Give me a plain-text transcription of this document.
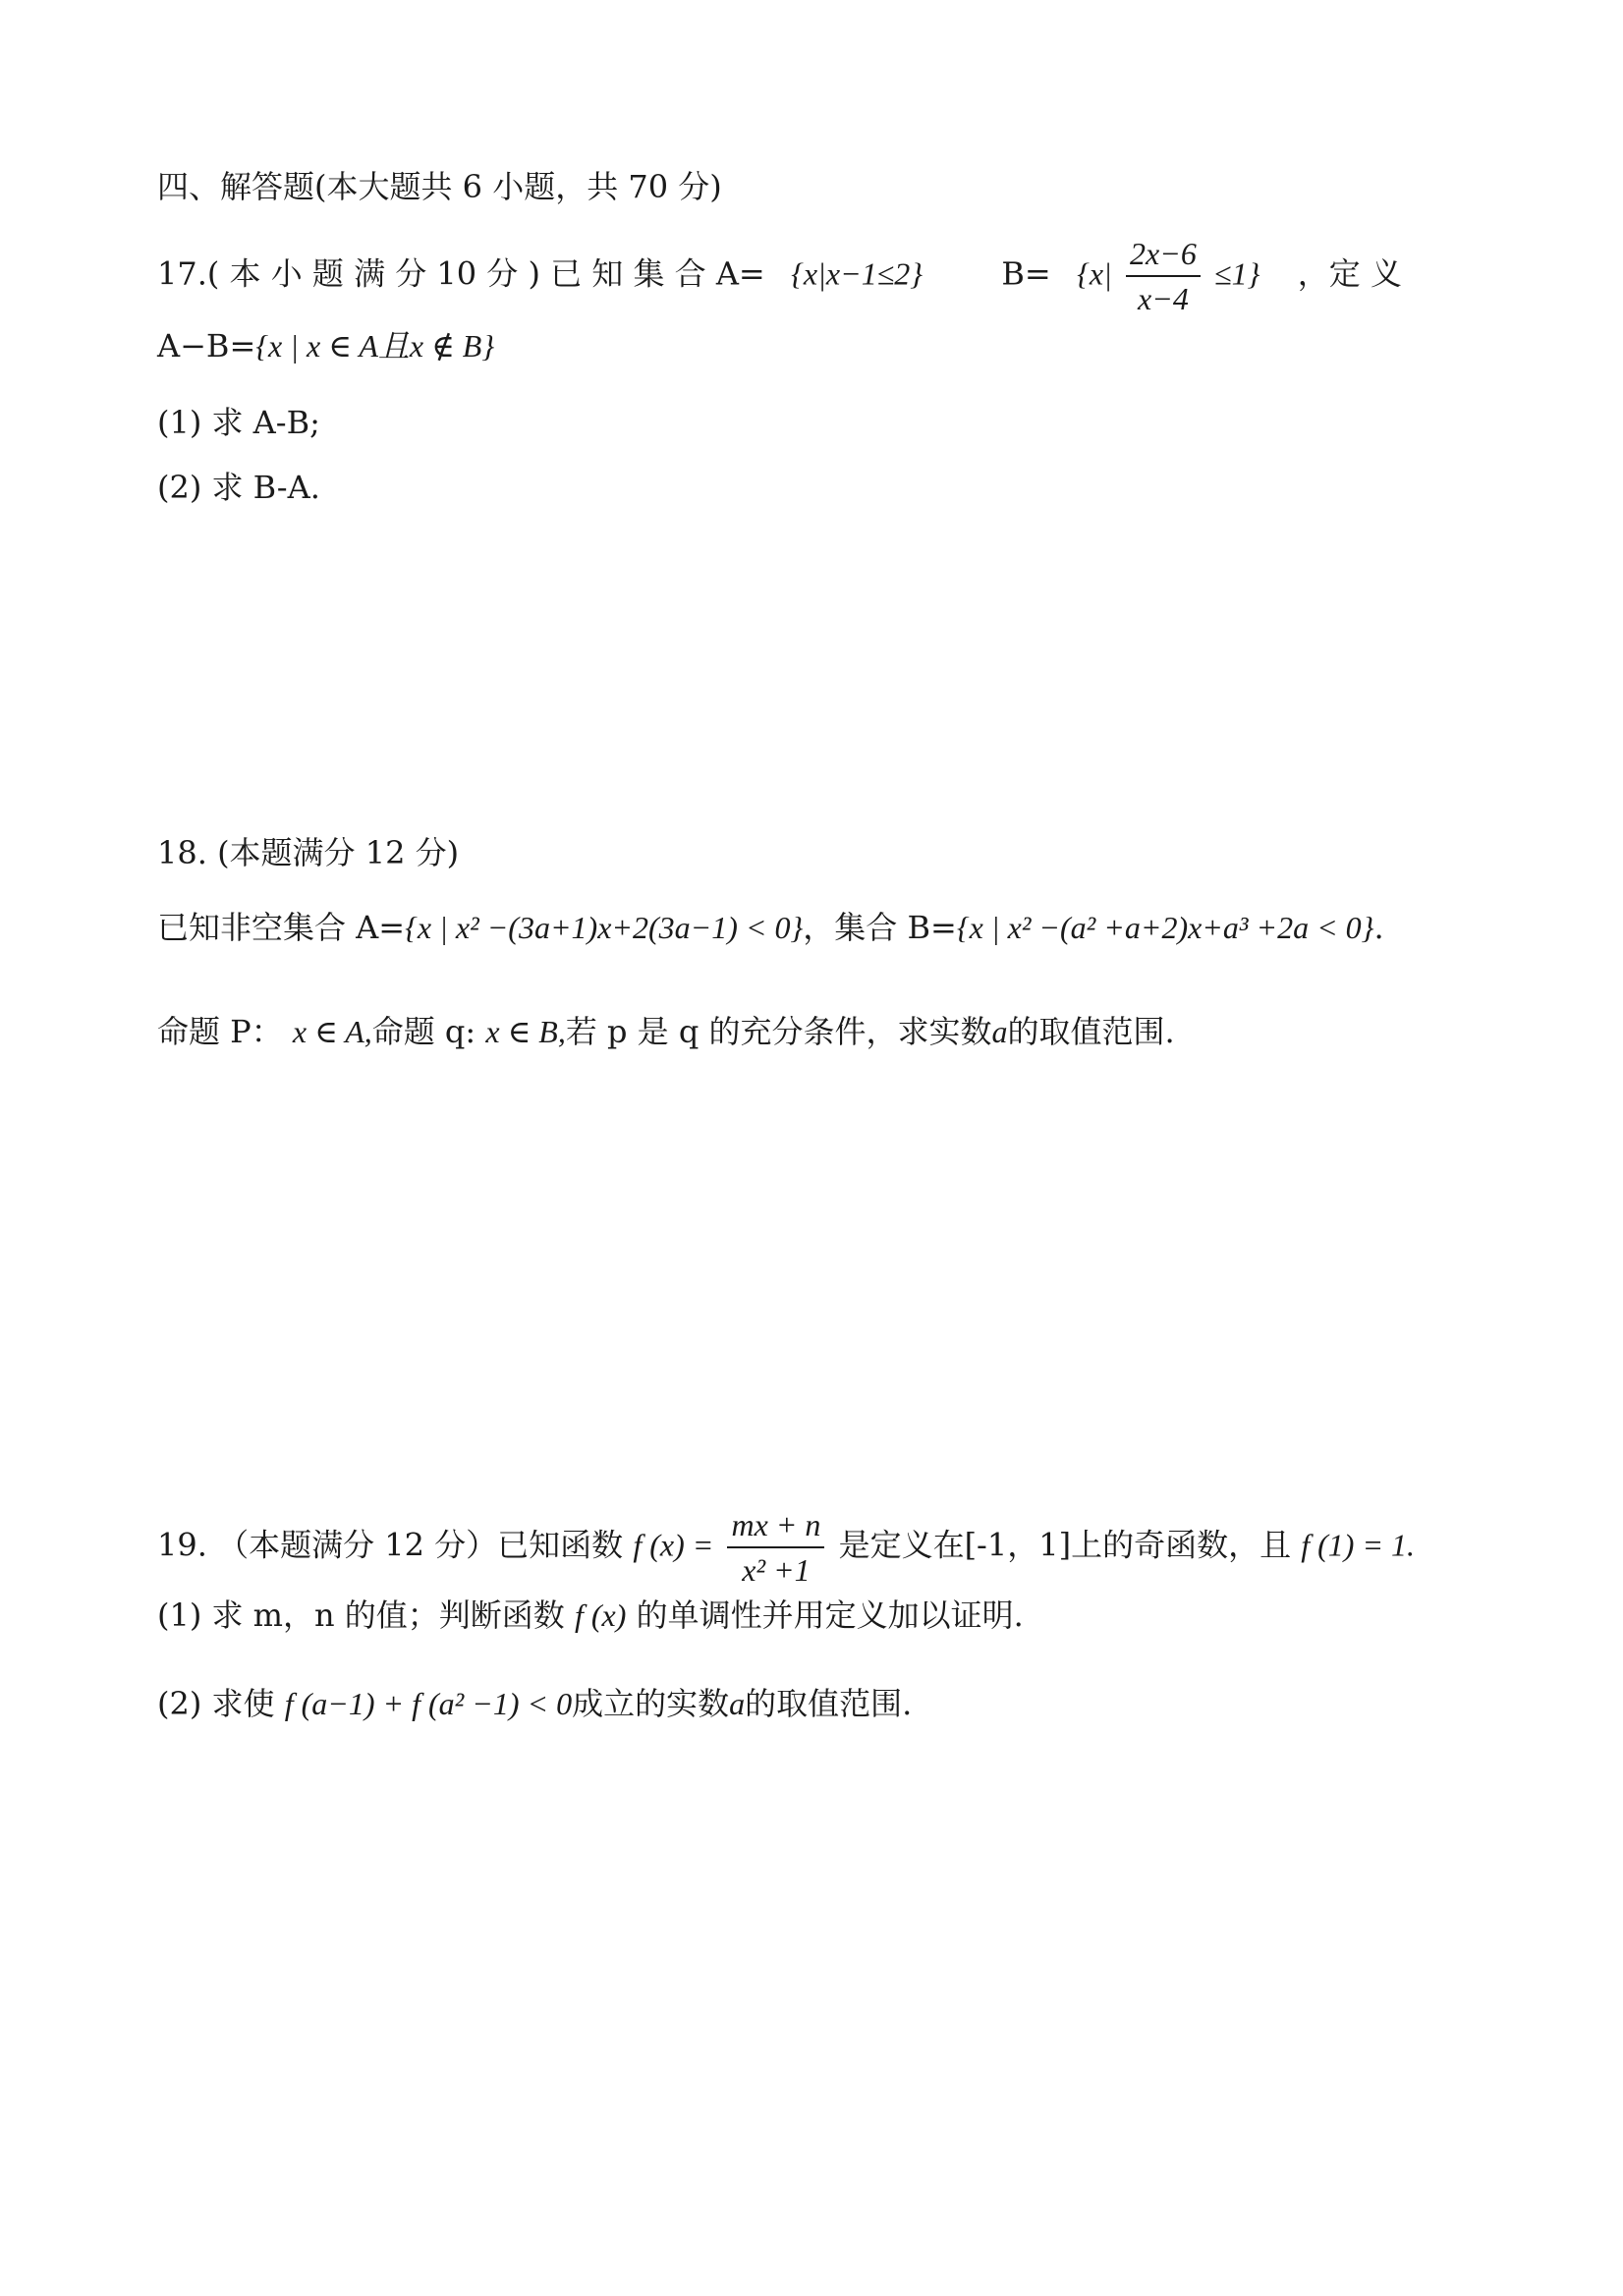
四、解答题(本大题共 6 小题，共 70 分)
17.( 本 小 题 满 分 10 分 ) 已 知 集 合 A= {x|x−1≤2}	$B= \{x| \frac{2x-6}{x-4} \le 1\}$ ，定 义
A−B={x | x ∈ A且x ∉ B}
(1) 求 A-B;
(2) 求 B-A.
18. (本题满分 12 分)
已知非空集合 A={x | x² −(3a+1)x+2(3a−1) < 0}，集合 B={x | x² −(a² +a+2)x+a³ +2a < 0}.
命题 P： x ∈ A,命题 q: x ∈ B,若 p 是 q 的充分条件，求实数a的取值范围.
19. （本题满分 12 分）已知函数 f $(x) = \frac{mx + n}{\text{x² +1}}$ 是定义在[-1，1]上的奇函数，且 f (1) = 1.
(1) 求 m，n 的值；判断函数 f (x) 的单调性并用定义加以证明.
(2) 求使 f (a−1) + f (a² −1) < 0成立的实数a的取值范围.
